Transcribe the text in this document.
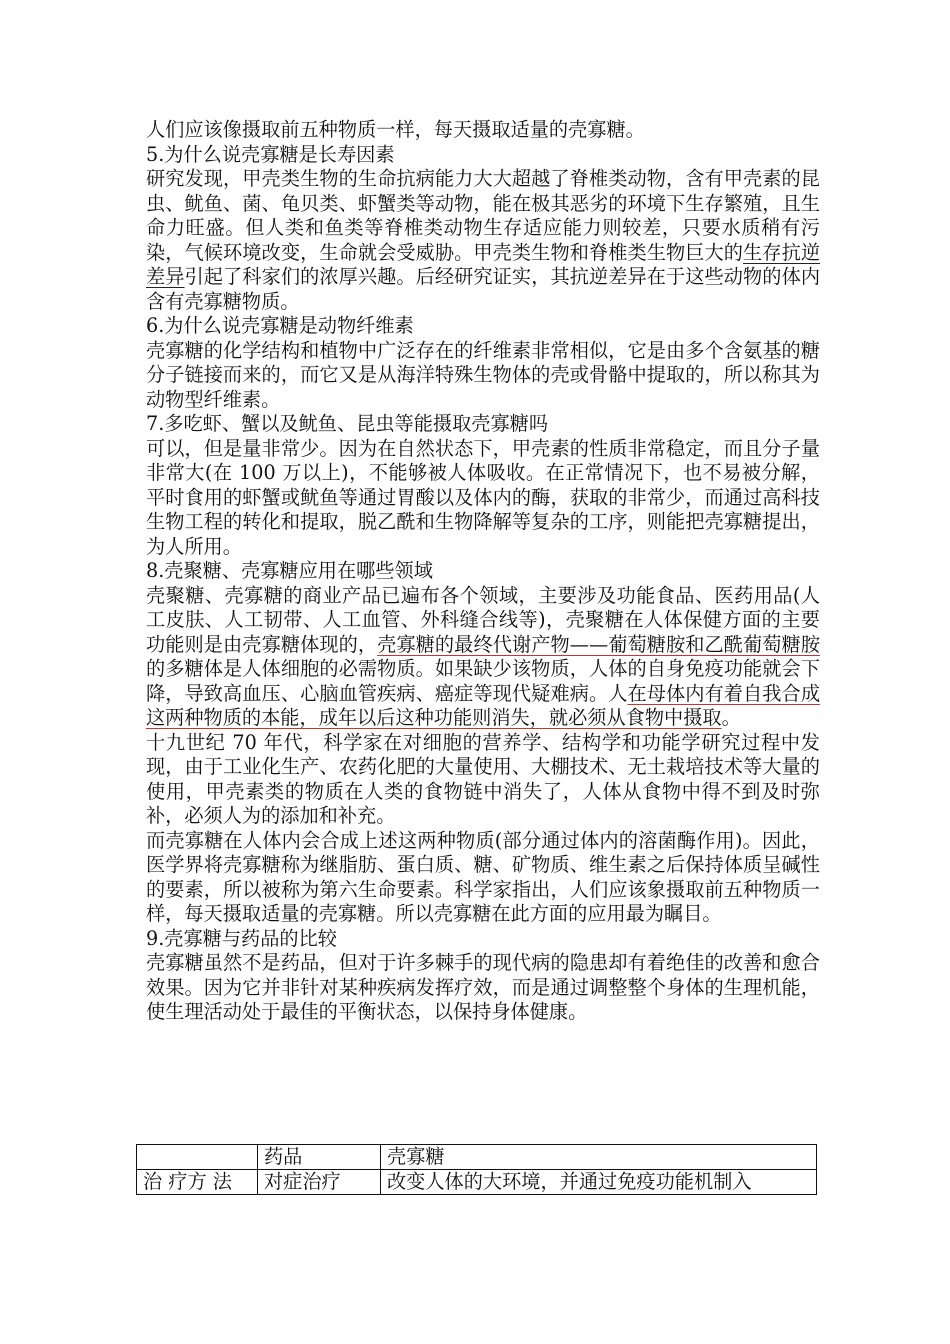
人们应该像摄取前五种物质一样，每天摄取适量的壳寡糖。

5.为什么说壳寡糖是长寿因素

研究发现，甲壳类生物的生命抗病能力大大超越了脊椎类动物，含有甲壳素的昆虫、鱿鱼、菌、龟贝类、虾蟹类等动物，能在极其恶劣的环境下生存繁殖，且生命力旺盛。但人类和鱼类等脊椎类动物生存适应能力则较差，只要水质稍有污染，气候环境改变，生命就会受威胁。甲壳类生物和脊椎类生物巨大的生存抗逆差异引起了科家们的浓厚兴趣。后经研究证实，其抗逆差异在于这些动物的体内含有壳寡糖物质。

6.为什么说壳寡糖是动物纤维素

壳寡糖的化学结构和植物中广泛存在的纤维素非常相似，它是由多个含氨基的糖分子链接而来的，而它又是从海洋特殊生物体的壳或骨骼中提取的，所以称其为动物型纤维素。

7.多吃虾、蟹以及鱿鱼、昆虫等能摄取壳寡糖吗

可以，但是量非常少。因为在自然状态下，甲壳素的性质非常稳定，而且分子量非常大(在 100 万以上)，不能够被人体吸收。在正常情况下，也不易被分解，平时食用的虾蟹或鱿鱼等通过胃酸以及体内的酶，获取的非常少，而通过高科技生物工程的转化和提取，脱乙酰和生物降解等复杂的工序，则能把壳寡糖提出，为人所用。

8.壳聚糖、壳寡糖应用在哪些领域

壳聚糖、壳寡糖的商业产品已遍布各个领域，主要涉及功能食品、医药用品(人工皮肤、人工韧带、人工血管、外科缝合线等)，壳聚糖在人体保健方面的主要功能则是由壳寡糖体现的，壳寡糖的最终代谢产物——葡萄糖胺和乙酰葡萄糖胺的多糖体是人体细胞的必需物质。如果缺少该物质，人体的自身免疫功能就会下降，导致高血压、心脑血管疾病、癌症等现代疑难病。人在母体内有着自我合成这两种物质的本能，成年以后这种功能则消失，就必须从食物中摄取。

十九世纪 70 年代，科学家在对细胞的营养学、结构学和功能学研究过程中发现，由于工业化生产、农药化肥的大量使用、大棚技术、无土栽培技术等大量的使用，甲壳素类的物质在人类的食物链中消失了，人体从食物中得不到及时弥补，必须人为的添加和补充。

而壳寡糖在人体内会合成上述这两种物质(部分通过体内的溶菌酶作用)。因此，医学界将壳寡糖称为继脂肪、蛋白质、糖、矿物质、维生素之后保持体质呈碱性的要素，所以被称为第六生命要素。科学家指出，人们应该象摄取前五种物质一样，每天摄取适量的壳寡糖。所以壳寡糖在此方面的应用最为瞩目。

9.壳寡糖与药品的比较

壳寡糖虽然不是药品，但对于许多棘手的现代病的隐患却有着绝佳的改善和愈合效果。因为它并非针对某种疾病发挥疗效，而是通过调整整个身体的生理机能，使生理活动处于最佳的平衡状态，以保持身体健康。

	药品	壳寡糖
治 疗方 法	对症治疗	改变人体的大环境，并通过免疫功能机制入
